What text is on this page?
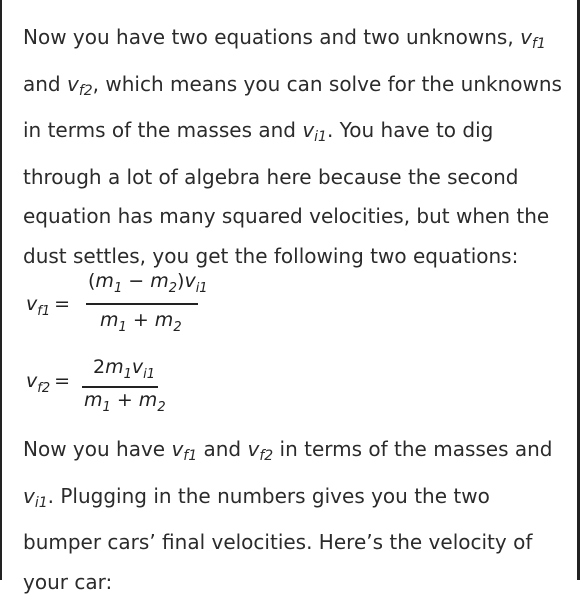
Now you have two equations and two unknowns, $v_{f1}$
and $v_{f2}$, which means you can solve for the unknowns in terms of the masses and $v_{i1}$. You have to dig through a lot of algebra here because the second equation has many squared velocities, but when the dust settles, you get the following two equations:

$v_{f1}$ =
$(m_1 - m_2)v_{i1}$
$m_1 + m_2$
$v_{f2}$ =
$2m_1v_{i1}$
$m_1 + m_2$

Now you have $v_{f1}$ and $v_{f2}$ in terms of the masses and
$v_{i1}$. Plugging in the numbers gives you the two bumper cars’ final velocities. Here’s the velocity of your car:
